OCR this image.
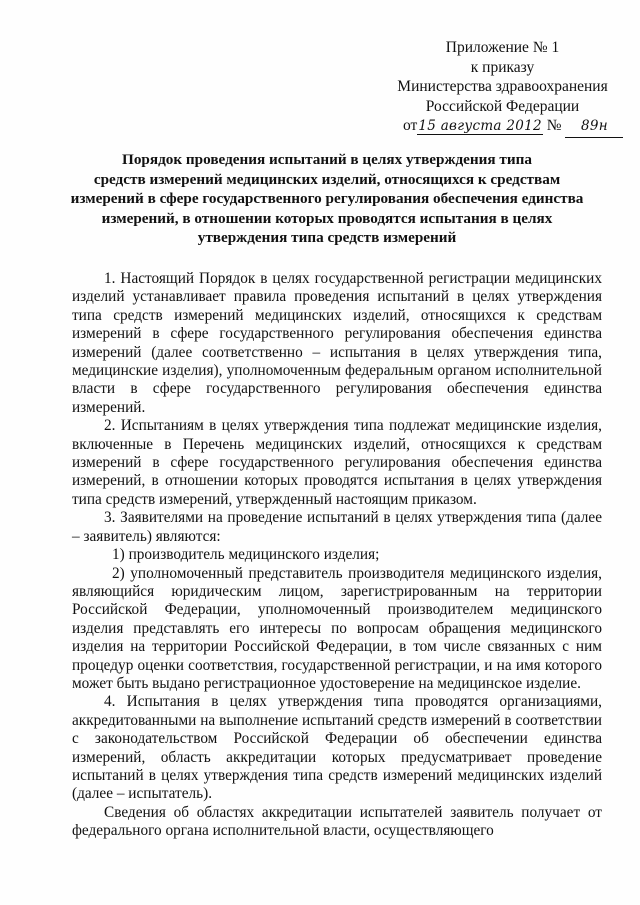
Приложение № 1
к приказу
Министерства здравоохранения
Российской Федерации
от15 августа 2012 № 89н
Порядок проведения испытаний в целях утверждения типа
средств измерений медицинских изделий, относящихся к средствам
измерений в сфере государственного регулирования обеспечения единства
измерений, в отношении которых проводятся испытания в целях
утверждения типа средств измерений

1. Настоящий Порядок в целях государственной регистрации медицинских изделий устанавливает правила проведения испытаний в целях утверждения типа средств измерений медицинских изделий, относящихся к средствам измерений в сфере государственного регулирования обеспечения единства измерений (далее соответственно – испытания в целях утверждения типа, медицинские изделия), уполномоченным федеральным органом исполнительной власти в сфере государственного регулирования обеспечения единства измерений.

2. Испытаниям в целях утверждения типа подлежат медицинские изделия, включенные в Перечень медицинских изделий, относящихся к средствам измерений в сфере государственного регулирования обеспечения единства измерений, в отношении которых проводятся испытания в целях утверждения типа средств измерений, утвержденный настоящим приказом.

3. Заявителями на проведение испытаний в целях утверждения типа (далее – заявитель) являются:

1) производитель медицинского изделия;

2) уполномоченный представитель производителя медицинского изделия, являющийся юридическим лицом, зарегистрированным на территории Российской Федерации, уполномоченный производителем медицинского изделия представлять его интересы по вопросам обращения медицинского изделия на территории Российской Федерации, в том числе связанных с ним процедур оценки соответствия, государственной регистрации, и на имя которого может быть выдано регистрационное удостоверение на медицинское изделие.

4. Испытания в целях утверждения типа проводятся организациями, аккредитованными на выполнение испытаний средств измерений в соответствии с законодательством Российской Федерации об обеспечении единства измерений, область аккредитации которых предусматривает проведение испытаний в целях утверждения типа средств измерений медицинских изделий (далее – испытатель).

Сведения об областях аккредитации испытателей заявитель получает от федерального органа исполнительной власти, осуществляющего
